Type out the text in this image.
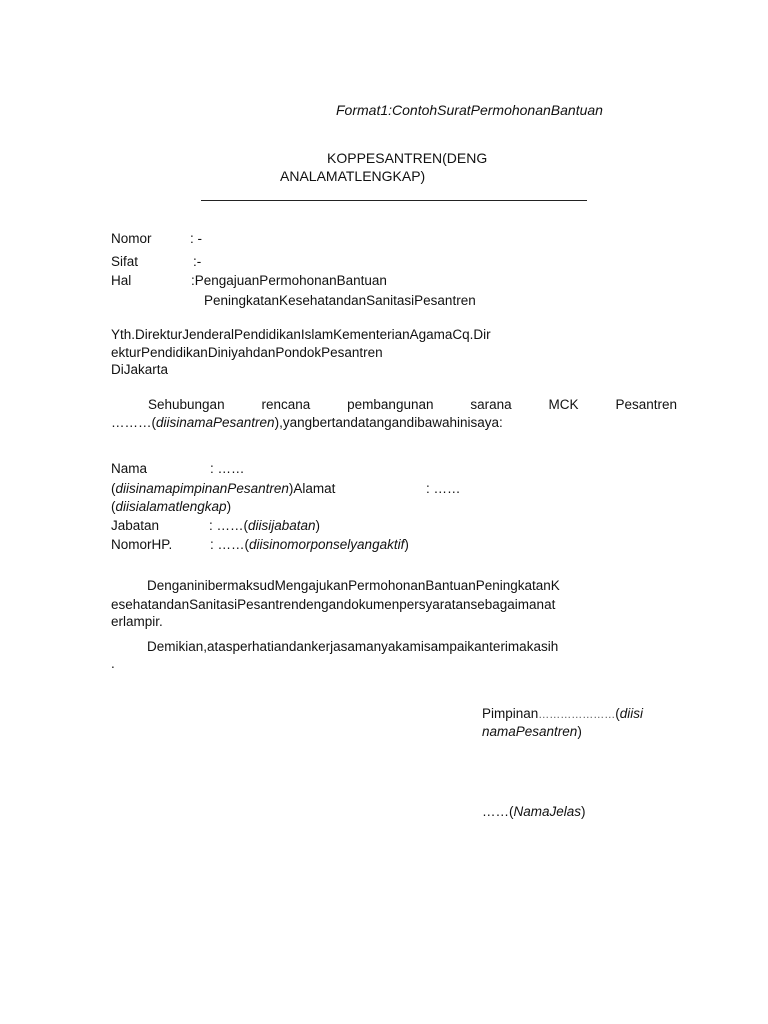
Format1:ContohSuratPermohonanBantuan
KOPPESANTREN(DENG
ANALAMATLENGKAP)
Nomor	: -
Sifat	:-
Hal	:PengajuanPermohonanBantuan
PeningkatanKesehatandanSanitasiPesantren
Yth.DirekturJenderalPendidikanIslamKementerianAgamaCq.Dir
ekturPendidikanDiniyahdanPondokPesantren
DiJakarta
Sehubungan rencana pembangunan sarana MCK Pesantren
………(diisinamaPesantren),yangbertandatangandibawahinisaya:
Nama	: ……
(diisinamapimpinanPesantren)Alamat	: ……
(diisialamatlengkap)
Jabatan	: ……(diisijabatan)
NomorHP.	: ……(diisinomorponselyangaktif)
DenganinibermaksudMengajukanPermohonanBantuanPeningkatanK
esehatandanSanitasiPesantrendengandokumenpersyaratansebagaimanat
erlampir.
Demikian,atasperhatiandankerjasamanyakamisampaikanterimakasih
.
Pimpinan…………………(diisi
namaPesantren)
……(NamaJelas)
